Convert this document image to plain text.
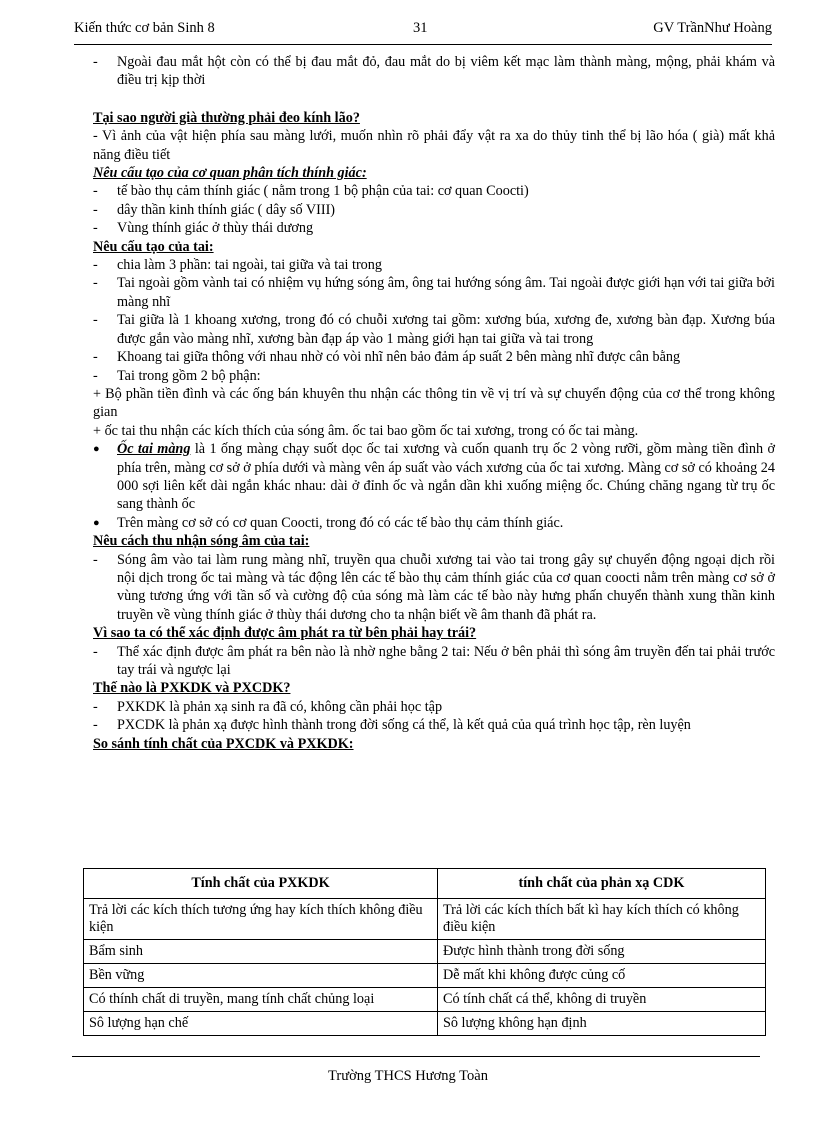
Kiến thức cơ bản Sinh 8	31	GV TrầnNhư Hoàng

- Ngoài đau mắt hột còn có thể bị đau mắt đỏ, đau mắt do bị viêm kết mạc làm thành màng, mộng, phải khám và điều trị kịp thời

Tại sao người già thường phải đeo kính lão?

- Vì ảnh của vật hiện phía sau màng lưới, muốn nhìn rõ phải đẩy vật ra xa do thủy tinh thể bị lão hóa ( già) mất khả năng điều tiết

Nêu cấu tạo của cơ quan phân tích thính giác:

- tế bào thụ cảm thính giác ( nằm trong 1 bộ phận của tai: cơ quan Coocti)

- dây thần kinh thính giác ( dây số VIII)

- Vùng thính giác ở thùy thái dương

Nêu cấu tạo của tai:

- chia làm 3 phần: tai ngoài, tai giữa và tai trong

- Tai ngoài gồm vành tai có nhiệm vụ hứng sóng âm, ông tai hướng sóng âm. Tai ngoài được giới hạn với tai giữa bởi màng nhĩ

- Tai giữa là 1 khoang xương, trong đó có chuỗi xương tai gồm: xương búa, xương đe, xương bàn đạp. Xương búa được gắn vào màng nhĩ, xương bàn đạp áp vào 1 màng giới hạn tai giữa và tai trong

- Khoang tai giữa thông với nhau nhờ có vòi nhĩ nên bảo đảm áp suất 2 bên màng nhĩ được cân bằng

- Tai trong gồm 2 bộ phận:

+ Bộ phần tiền đình và các ống bán khuyên thu nhận các thông tin về vị trí và sự chuyển động của cơ thể trong không gian

+ ốc tai thu nhận các kích thích của sóng âm. ốc tai bao gồm ốc tai xương, trong có ốc tai màng.

● Ốc tai màng là 1 ống màng chạy suốt dọc ốc tai xương và cuốn quanh trụ ốc 2 vòng rưỡi, gồm màng tiền đình ở phía trên, màng cơ sở ở phía dưới và màng vên áp suất vào vách xương của ốc tai xương. Màng cơ sở có khoảng 24 000 sợi liên kết dài ngắn khác nhau: dài ở đỉnh ốc và ngắn dần khi xuống miệng ốc. Chúng chăng ngang từ trụ ốc sang thành ốc

● Trên màng cơ sở có cơ quan Coocti, trong đó có các tế bào thụ cảm thính giác.

Nêu cách thu nhận sóng âm của tai:

- Sóng âm vào tai làm rung màng nhĩ, truyền qua chuỗi xương tai vào tai trong gây sự chuyển động ngoại dịch rồi nội dịch trong ốc tai màng và tác động lên các tế bào thụ cảm thính giác của cơ quan coocti nằm trên màng cơ sở ở vùng tương ứng với tần số và cường độ của sóng mà làm các tế bào này hưng phấn chuyển thành xung thần kinh truyền về vùng thính giác ở thùy thái dương cho ta nhận biết về âm thanh đã phát ra.

Vì sao ta có thể xác định được âm phát ra từ bên phải hay trái?

- Thể xác định được âm phát ra bên nào là nhờ nghe bằng 2 tai: Nếu ở bên phải thì sóng âm truyền đến tai phải trước tay trái và ngược lại

Thế nào là PXKDK và PXCDK?

- PXKDK là phản xạ sinh ra đã có, không cần phải học tập

- PXCDK là phản xạ được hình thành trong đời sống cá thể, là kết quả của quá trình học tập, rèn luyện

So sánh tính chất của PXCDK và PXKDK:

Tính chất của PXKDK	tính chất của phản xạ CDK
Trả lời các kích thích tương ứng hay kích thích không điều kiện	Trả lời các kích thích bất kì hay kích thích có không điều kiện
Bẩm sinh	Được hình thành trong đời sống
Bền vững	Dễ mất khi không được củng cố
Có thính chất di truyền, mang tính chất chủng loại	Có tính chất cá thể, không di truyền
Sô lượng hạn chế	Sô lượng không hạn định
Trường THCS Hương Toàn
